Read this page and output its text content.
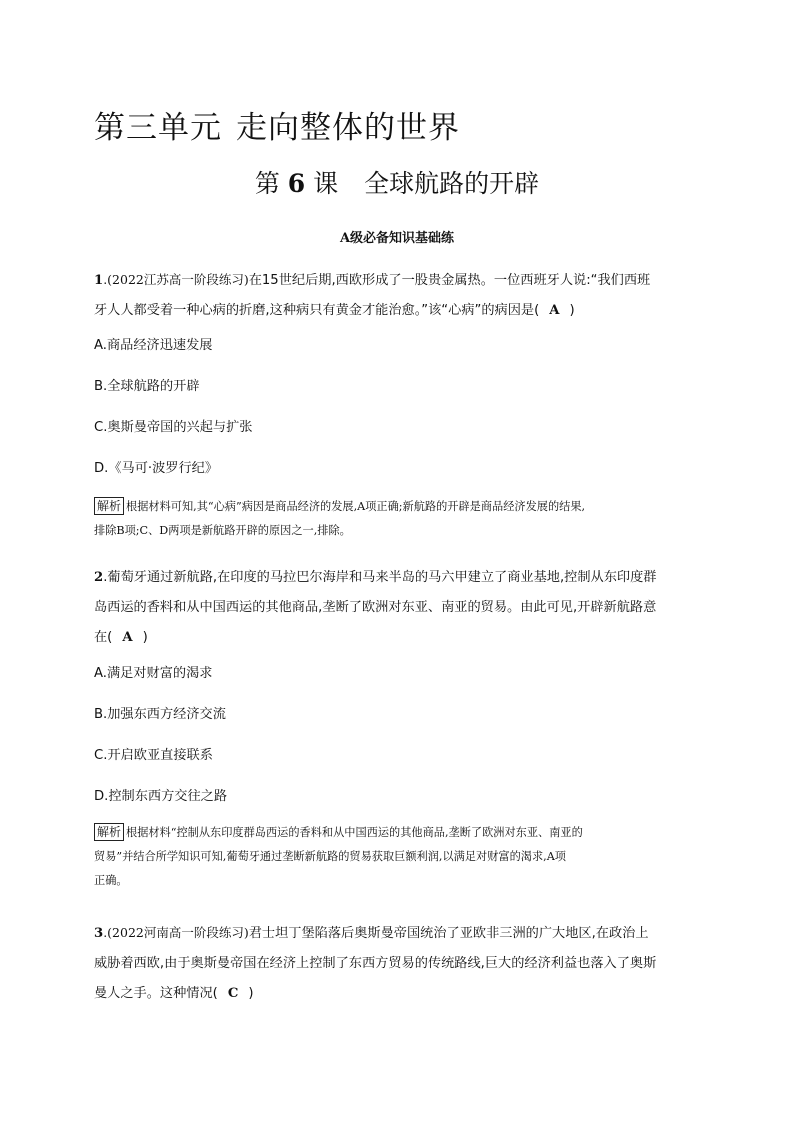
第三单元 走向整体的世界
第 6 课 全球航路的开辟
A级必备知识基础练
1.(2022江苏高一阶段练习)在15世纪后期,西欧形成了一股贵金属热。一位西班牙人说:“我们西班
牙人人都受着一种心病的折磨,这种病只有黄金才能治愈。”该“心病”的病因是( A )
A.商品经济迅速发展
B.全球航路的开辟
C.奥斯曼帝国的兴起与扩张
D.《马可·波罗行纪》
解析 根据材料可知,其“心病”病因是商品经济的发展,A项正确;新航路的开辟是商品经济发展的结果,
排除B项;C、D两项是新航路开辟的原因之一,排除。
2.葡萄牙通过新航路,在印度的马拉巴尔海岸和马来半岛的马六甲建立了商业基地,控制从东印度群
岛西运的香料和从中国西运的其他商品,垄断了欧洲对东亚、南亚的贸易。由此可见,开辟新航路意
在( A )
A.满足对财富的渴求
B.加强东西方经济交流
C.开启欧亚直接联系
D.控制东西方交往之路
解析 根据材料“控制从东印度群岛西运的香料和从中国西运的其他商品,垄断了欧洲对东亚、南亚的
贸易”并结合所学知识可知,葡萄牙通过垄断新航路的贸易获取巨额利润,以满足对财富的渴求,A项
正确。
3.(2022河南高一阶段练习)君士坦丁堡陷落后奥斯曼帝国统治了亚欧非三洲的广大地区,在政治上
威胁着西欧,由于奥斯曼帝国在经济上控制了东西方贸易的传统路线,巨大的经济利益也落入了奥斯
曼人之手。这种情况( C )
